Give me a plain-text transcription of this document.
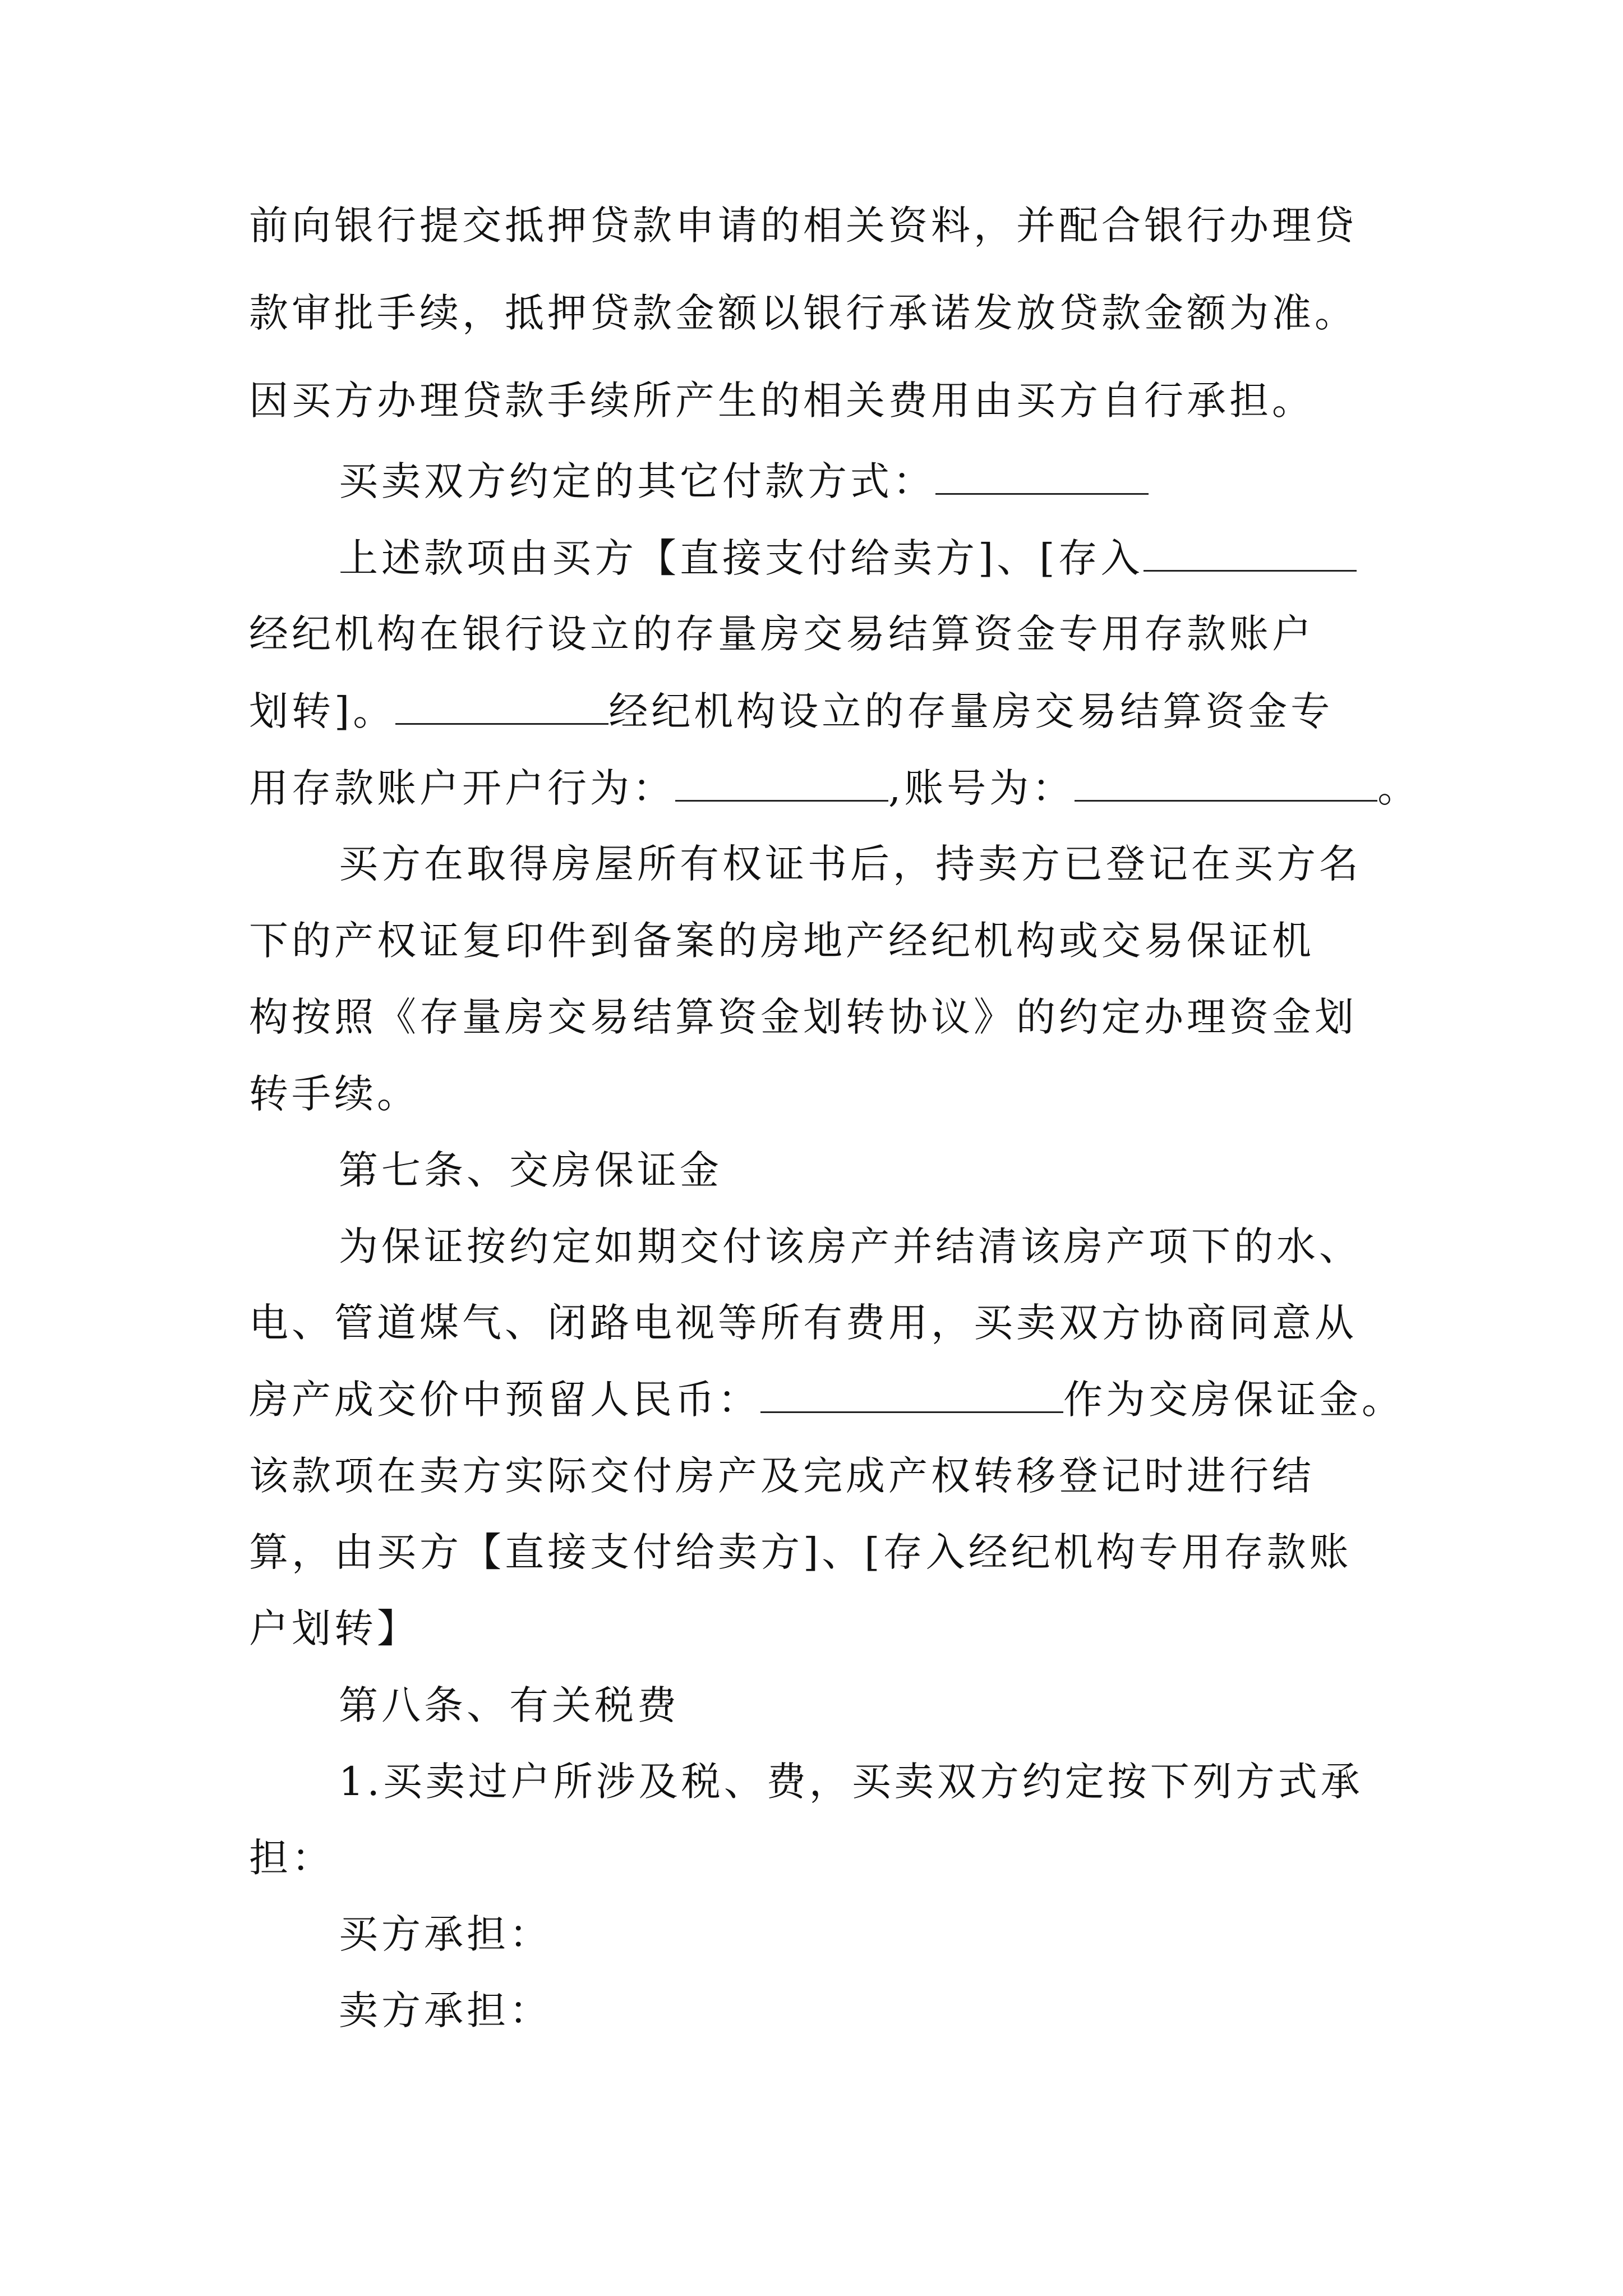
前向银行提交抵押贷款申请的相关资料，并配合银行办理贷
款审批手续，抵押贷款金额以银行承诺发放贷款金额为准。
因买方办理贷款手续所产生的相关费用由买方自行承担。
买卖双方约定的其它付款方式：
上述款项由买方【直接支付给卖方]、[存入
经纪机构在银行设立的存量房交易结算资金专用存款账户
划转]。	经纪机构设立的存量房交易结算资金专
用存款账户开户行为：	,账号为：	。
买方在取得房屋所有权证书后，持卖方已登记在买方名
下的产权证复印件到备案的房地产经纪机构或交易保证机
构按照《存量房交易结算资金划转协议》的约定办理资金划
转手续。
第七条、交房保证金
为保证按约定如期交付该房产并结清该房产项下的水、
电、管道煤气、闭路电视等所有费用，买卖双方协商同意从
房产成交价中预留人民币：	作为交房保证金。
该款项在卖方实际交付房产及完成产权转移登记时进行结
算，由买方【直接支付给卖方]、[存入经纪机构专用存款账
户划转】
第八条、有关税费
1.买卖过户所涉及税、费，买卖双方约定按下列方式承
担：
买方承担：
卖方承担：
